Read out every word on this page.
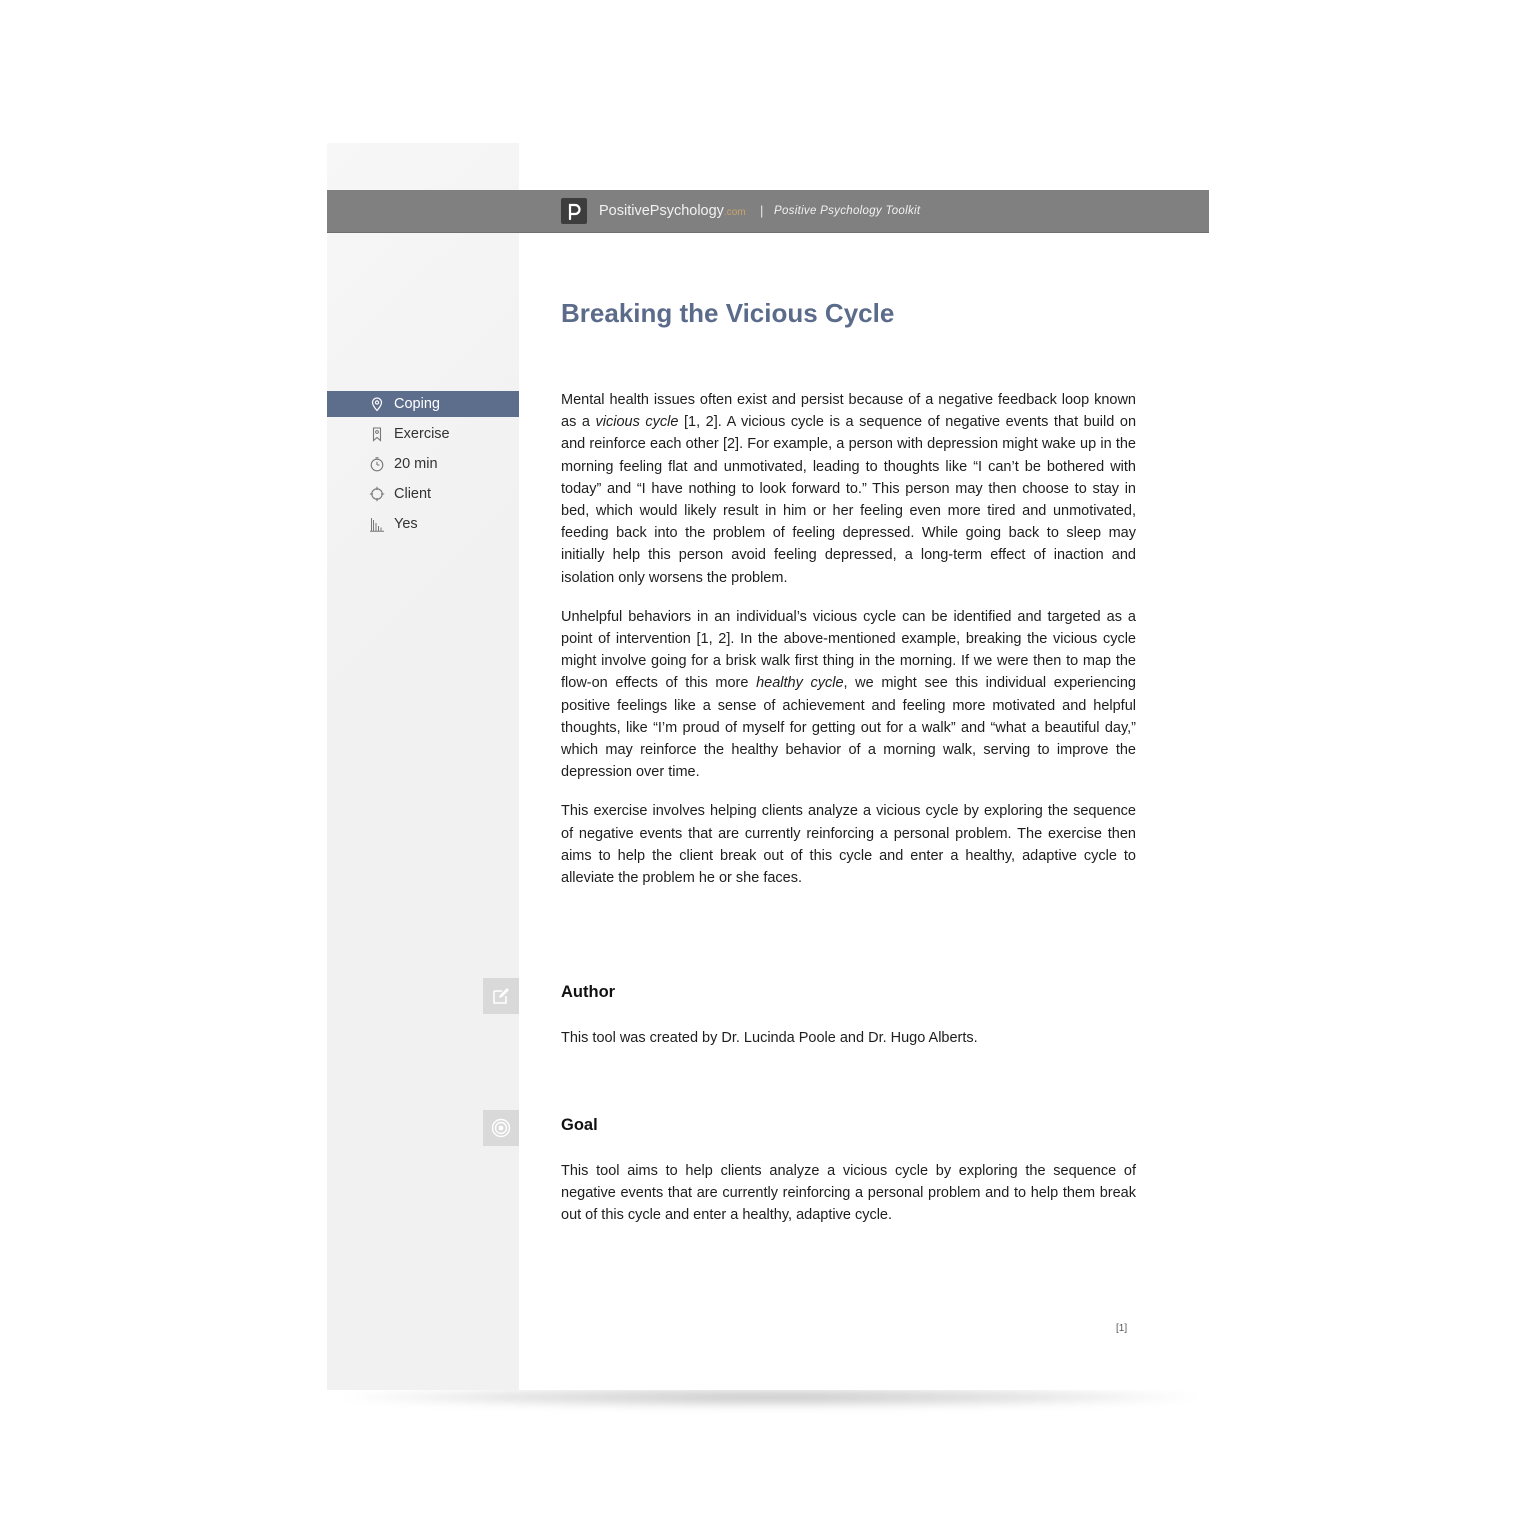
PositivePsychology.com | Positive Psychology Toolkit
Breaking the Vicious Cycle
Coping
Exercise
20 min
Client
Yes

Mental health issues often exist and persist because of a negative feedback loop known as a vicious cycle [1, 2]. A vicious cycle is a sequence of negative events that build on and reinforce each other [2]. For example, a person with depression might wake up in the morning feeling flat and unmotivated, leading to thoughts like “I can’t be bothered with today” and “I have nothing to look forward to.” This person may then choose to stay in bed, which would likely result in him or her feeling even more tired and unmotivated, feeding back into the problem of feeling depressed. While going back to sleep may initially help this person avoid feeling depressed, a long-term effect of inaction and isolation only worsens the problem.

Unhelpful behaviors in an individual’s vicious cycle can be identified and targeted as a point of intervention [1, 2]. In the above-mentioned example, breaking the vicious cycle might involve going for a brisk walk first thing in the morning. If we were then to map the flow-on effects of this more healthy cycle, we might see this individual experiencing positive feelings like a sense of achievement and feeling more motivated and helpful thoughts, like “I’m proud of myself for getting out for a walk” and “what a beautiful day,” which may reinforce the healthy behavior of a morning walk, serving to improve the depression over time.

This exercise involves helping clients analyze a vicious cycle by exploring the sequence of negative events that are currently reinforcing a personal problem. The exercise then aims to help the client break out of this cycle and enter a healthy, adaptive cycle to alleviate the problem he or she faces.

Author

This tool was created by Dr. Lucinda Poole and Dr. Hugo Alberts.

Goal

This tool aims to help clients analyze a vicious cycle by exploring the sequence of negative events that are currently reinforcing a personal problem and to help them break out of this cycle and enter a healthy, adaptive cycle.

[1]
